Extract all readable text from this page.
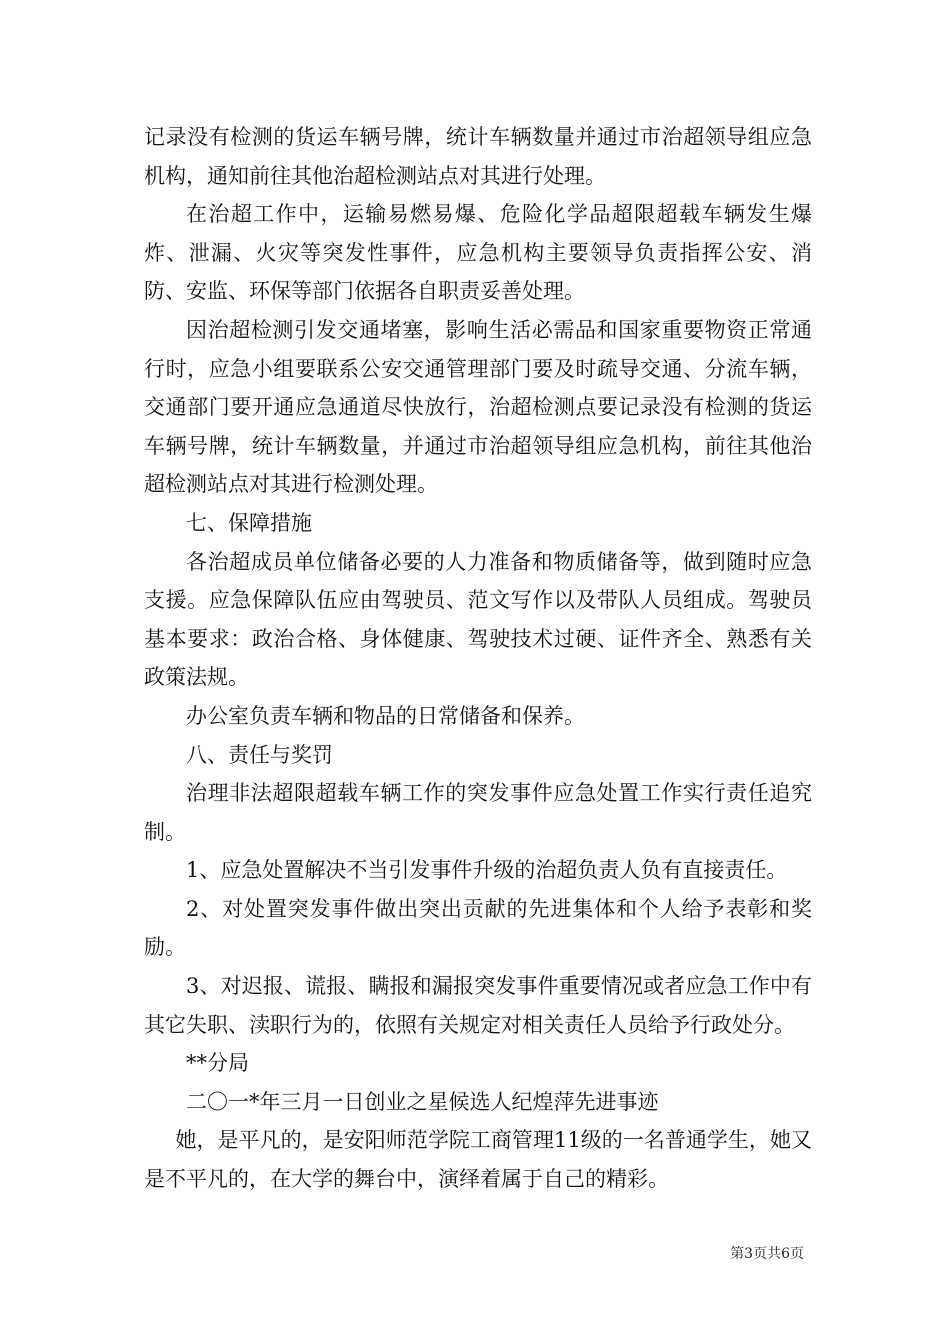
记录没有检测的货运车辆号牌，统计车辆数量并通过市治超领导组应急机构，通知前往其他治超检测站点对其进行处理。

在治超工作中，运输易燃易爆、危险化学品超限超载车辆发生爆炸、泄漏、火灾等突发性事件，应急机构主要领导负责指挥公安、消防、安监、环保等部门依据各自职责妥善处理。

因治超检测引发交通堵塞，影响生活必需品和国家重要物资正常通行时，应急小组要联系公安交通管理部门要及时疏导交通、分流车辆，交通部门要开通应急通道尽快放行，治超检测点要记录没有检测的货运车辆号牌，统计车辆数量，并通过市治超领导组应急机构，前往其他治超检测站点对其进行检测处理。

七、保障措施

各治超成员单位储备必要的人力准备和物质储备等，做到随时应急支援。应急保障队伍应由驾驶员、范文写作以及带队人员组成。驾驶员基本要求：政治合格、身体健康、驾驶技术过硬、证件齐全、熟悉有关政策法规。

办公室负责车辆和物品的日常储备和保养。

八、责任与奖罚

治理非法超限超载车辆工作的突发事件应急处置工作实行责任追究制。

1、应急处置解决不当引发事件升级的治超负责人负有直接责任。

2、对处置突发事件做出突出贡献的先进集体和个人给予表彰和奖励。

3、对迟报、谎报、瞒报和漏报突发事件重要情况或者应急工作中有其它失职、渎职行为的，依照有关规定对相关责任人员给予行政处分。

**分局

二〇一*年三月一日创业之星候选人纪煌萍先进事迹

她，是平凡的，是安阳师范学院工商管理11级的一名普通学生，她又是不平凡的，在大学的舞台中，演绎着属于自己的精彩。

第3页共6页
